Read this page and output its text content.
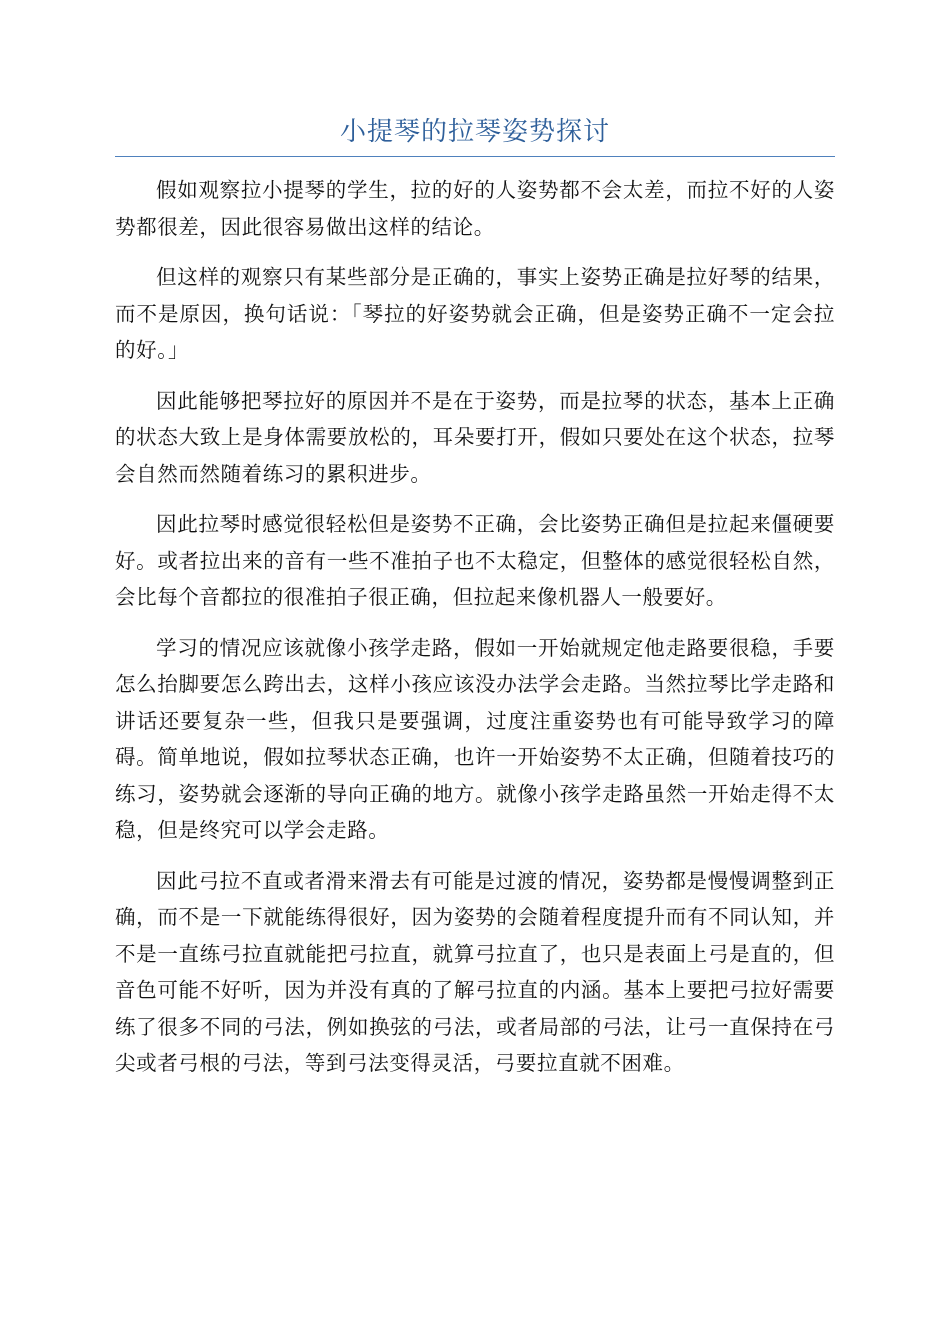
小提琴的拉琴姿势探讨

假如观察拉小提琴的学生，拉的好的人姿势都不会太差，而拉不好的人姿势都很差，因此很容易做出这样的结论。

但这样的观察只有某些部分是正确的，事实上姿势正确是拉好琴的结果，而不是原因，换句话说：「琴拉的好姿势就会正确，但是姿势正确不一定会拉的好。」

因此能够把琴拉好的原因并不是在于姿势，而是拉琴的状态，基本上正确的状态大致上是身体需要放松的，耳朵要打开，假如只要处在这个状态，拉琴会自然而然随着练习的累积进步。

因此拉琴时感觉很轻松但是姿势不正确，会比姿势正确但是拉起来僵硬要好。或者拉出来的音有一些不准拍子也不太稳定，但整体的感觉很轻松自然，会比每个音都拉的很准拍子很正确，但拉起来像机器人一般要好。

学习的情况应该就像小孩学走路，假如一开始就规定他走路要很稳，手要怎么抬脚要怎么跨出去，这样小孩应该没办法学会走路。当然拉琴比学走路和讲话还要复杂一些，但我只是要强调，过度注重姿势也有可能导致学习的障碍。简单地说，假如拉琴状态正确，也许一开始姿势不太正确，但随着技巧的练习，姿势就会逐渐的导向正确的地方。就像小孩学走路虽然一开始走得不太稳，但是终究可以学会走路。

因此弓拉不直或者滑来滑去有可能是过渡的情况，姿势都是慢慢调整到正确，而不是一下就能练得很好，因为姿势的会随着程度提升而有不同认知，并不是一直练弓拉直就能把弓拉直，就算弓拉直了，也只是表面上弓是直的，但音色可能不好听，因为并没有真的了解弓拉直的内涵。基本上要把弓拉好需要练了很多不同的弓法，例如换弦的弓法，或者局部的弓法，让弓一直保持在弓尖或者弓根的弓法，等到弓法变得灵活，弓要拉直就不困难。
